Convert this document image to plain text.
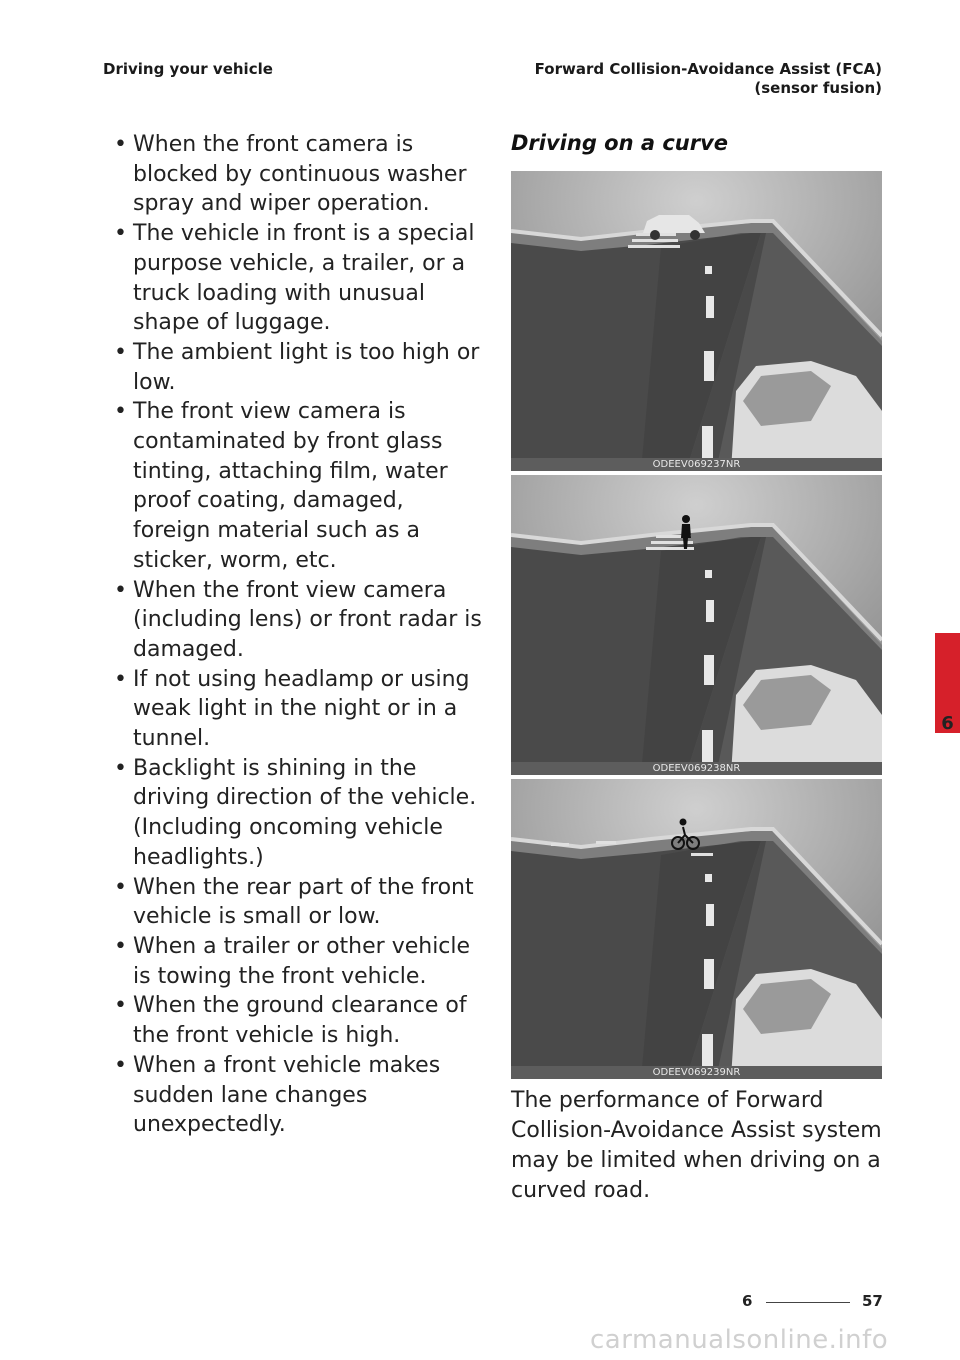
Driving your vehicle	Forward Collision-Avoidance Assist (FCA) (sensor fusion)
• When the front camera is blocked by continuous washer spray and wiper operation.
• The vehicle in front is a special purpose vehicle, a trailer, or a truck loading with unusual shape of luggage.
• The ambient light is too high or low.
• The front view camera is contaminated by front glass tinting, attaching film, water proof coating, damaged, foreign material such as a sticker, worm, etc.
• When the front view camera (including lens) or front radar is damaged.
• If not using headlamp or using weak light in the night or in a tunnel.
• Backlight is shining in the driving direction of the vehicle. (Including oncoming vehicle headlights.)
• When the rear part of the front vehicle is small or low.
• When a trailer or other vehicle is towing the front vehicle.
• When the ground clearance of the front vehicle is high.
• When a front vehicle makes sudden lane changes unexpectedly.
Driving on a curve
ODEEV069237NR
ODEEV069238NR
ODEEV069239NR
The performance of Forward Collision-Avoidance Assist system may be limited when driving on a curved road.
6
6	57
carmanualsonline.info
